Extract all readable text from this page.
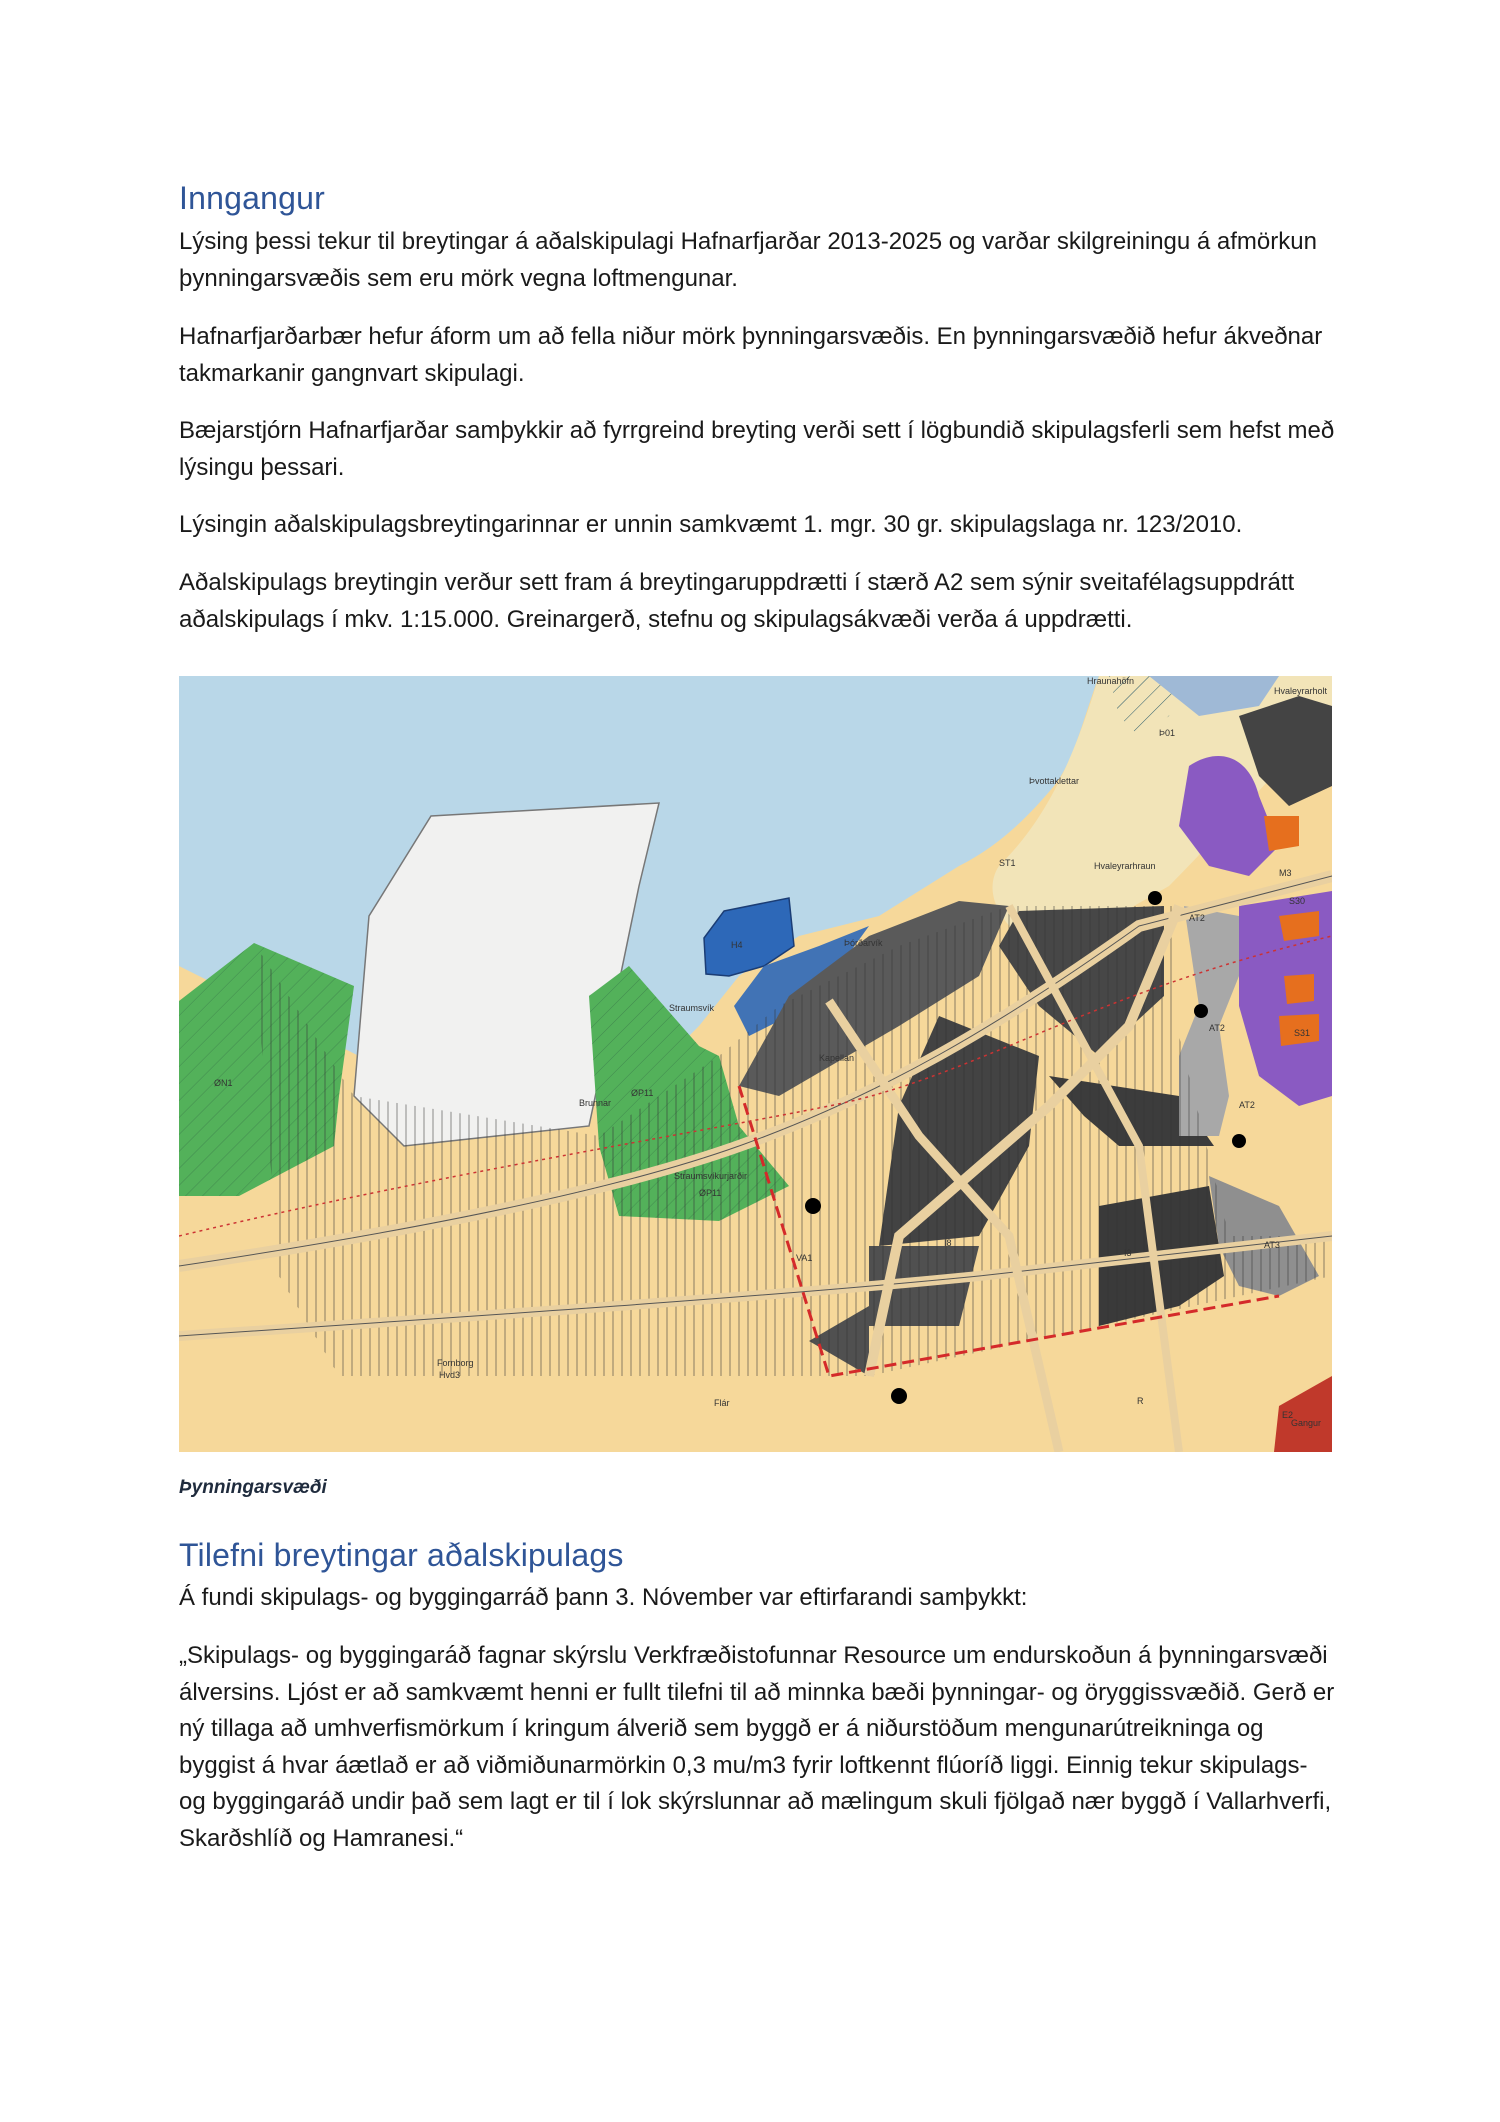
Inngangur

Lýsing þessi tekur til breytingar á aðalskipulagi Hafnarfjarðar 2013-2025 og varðar skilgreiningu á afmörkun þynningarsvæðis sem eru mörk vegna loftmengunar.

Hafnarfjarðarbær hefur áform um að fella niður mörk þynningarsvæðis. En þynningarsvæðið hefur ákveðnar takmarkanir gangnvart skipulagi.

Bæjarstjórn Hafnarfjarðar samþykkir að fyrrgreind breyting verði sett í lögbundið skipulagsferli sem hefst með lýsingu þessari.

Lýsingin aðalskipulagsbreytingarinnar er unnin samkvæmt 1. mgr. 30 gr. skipulagslaga nr. 123/2010.

Aðalskipulags breytingin verður sett fram á breytingaruppdrætti í stærð A2 sem sýnir sveitafélagsuppdrátt aðalskipulags í mkv. 1:15.000. Greinargerð, stefnu og skipulagsákvæði verða á uppdrætti.

Hraunahöfn
Hvaleyrarholt
Þ01
Þvottaklettar
ST1	Hvaleyrarhraun
M3
S30
AT2
H4	Þórðarvík
Straumsvík
AT2	S31
ØN1
Brunnar
ØP11
Kapellan
AT2
Straumsvíkurjarðir
ØP11
VA1
I8
I3
AT3
Fornborg
Hvd3
Flár
E2
Gangur
R

Þynningarsvæði

Tilefni breytingar aðalskipulags

Á fundi skipulags- og byggingarráð þann 3. Nóvember var eftirfarandi samþykkt:

„Skipulags- og byggingaráð fagnar skýrslu Verkfræðistofunnar Resource um endurskoðun á þynningarsvæði álversins. Ljóst er að samkvæmt henni er fullt tilefni til að minnka bæði þynningar- og öryggissvæðið. Gerð er ný tillaga að umhverfismörkum í kringum álverið sem byggð er á niðurstöðum mengunarútreikninga og byggist á hvar áætlað er að viðmiðunarmörkin 0,3 mu/m3 fyrir loftkennt flúoríð liggi. Einnig tekur skipulags- og byggingaráð undir það sem lagt er til í lok skýrslunnar að mælingum skuli fjölgað nær byggð í Vallarhverfi, Skarðshlíð og Hamranesi.“
